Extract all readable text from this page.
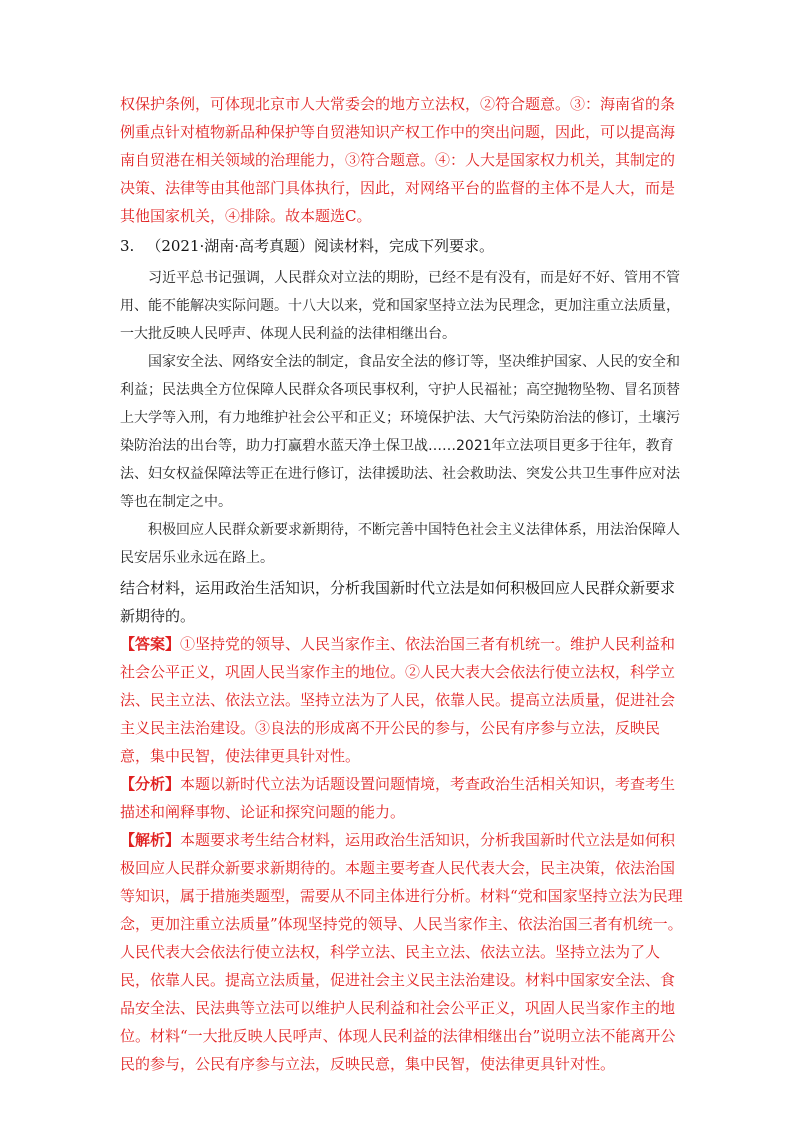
权保护条例，可体现北京市人大常委会的地方立法权，②符合题意。③：海南省的条例重点针对植物新品种保护等自贸港知识产权工作中的突出问题，因此，可以提高海南自贸港在相关领域的治理能力，③符合题意。④：人大是国家权力机关，其制定的决策、法律等由其他部门具体执行，因此，对网络平台的监督的主体不是人大，而是其他国家机关，④排除。故本题选C。

3. （2021·湖南·高考真题）阅读材料，完成下列要求。

习近平总书记强调，人民群众对立法的期盼，已经不是有没有，而是好不好、管用不管用、能不能解决实际问题。十八大以来，党和国家坚持立法为民理念，更加注重立法质量，一大批反映人民呼声、体现人民利益的法律相继出台。

国家安全法、网络安全法的制定，食品安全法的修订等，坚决维护国家、人民的安全和利益；民法典全方位保障人民群众各项民事权利，守护人民福祉；高空抛物坠物、冒名顶替上大学等入刑，有力地维护社会公平和正义；环境保护法、大气污染防治法的修订，土壤污染防治法的出台等，助力打赢碧水蓝天净土保卫战……2021年立法项目更多于往年，教育法、妇女权益保障法等正在进行修订，法律援助法、社会救助法、突发公共卫生事件应对法等也在制定之中。

积极回应人民群众新要求新期待，不断完善中国特色社会主义法律体系，用法治保障人民安居乐业永远在路上。

结合材料，运用政治生活知识，分析我国新时代立法是如何积极回应人民群众新要求新期待的。

【答案】①坚持党的领导、人民当家作主、依法治国三者有机统一。维护人民利益和社会公平正义，巩固人民当家作主的地位。②人民大表大会依法行使立法权，科学立法、民主立法、依法立法。坚持立法为了人民，依靠人民。提高立法质量，促进社会主义民主法治建设。③良法的形成离不开公民的参与，公民有序参与立法，反映民意，集中民智，使法律更具针对性。

【分析】本题以新时代立法为话题设置问题情境，考查政治生活相关知识，考查考生描述和阐释事物、论证和探究问题的能力。

【解析】本题要求考生结合材料，运用政治生活知识，分析我国新时代立法是如何积极回应人民群众新要求新期待的。本题主要考查人民代表大会，民主决策，依法治国等知识，属于措施类题型，需要从不同主体进行分析。材料“党和国家坚持立法为民理念，更加注重立法质量”体现坚持党的领导、人民当家作主、依法治国三者有机统一。人民代表大会依法行使立法权，科学立法、民主立法、依法立法。坚持立法为了人民，依靠人民。提高立法质量，促进社会主义民主法治建设。材料中国家安全法、食品安全法、民法典等立法可以维护人民利益和社会公平正义，巩固人民当家作主的地位。材料“一大批反映人民呼声、体现人民利益的法律相继出台”说明立法不能离开公民的参与，公民有序参与立法，反映民意，集中民智，使法律更具针对性。
